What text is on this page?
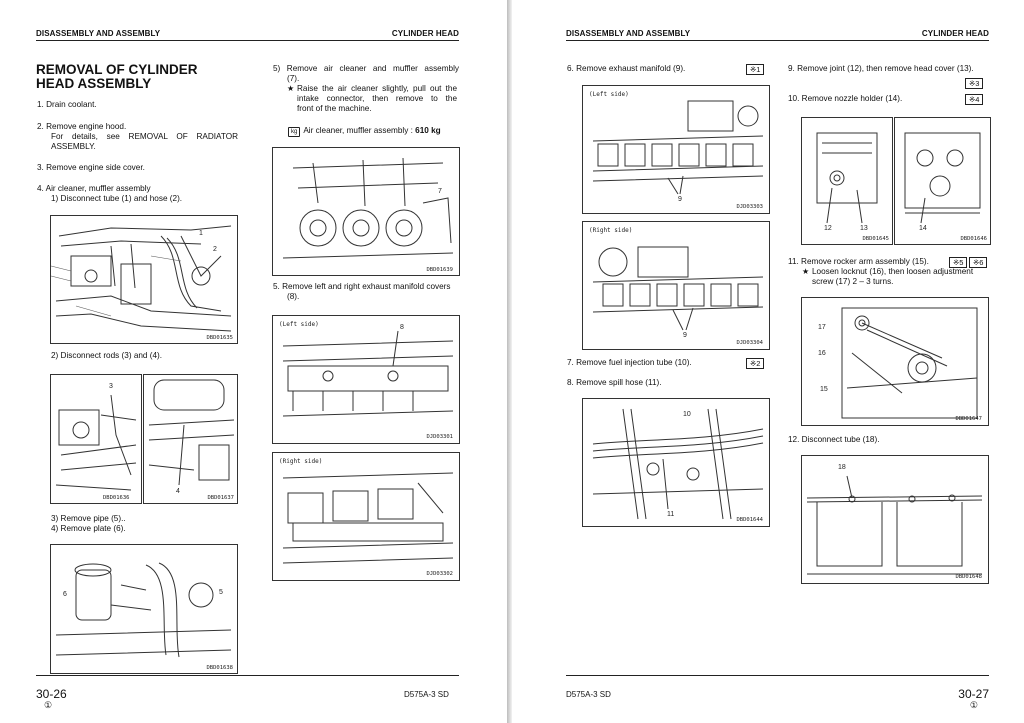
DISASSEMBLY AND ASSEMBLY	CYLINDER HEAD
REMOVAL OF CYLINDER
HEAD ASSEMBLY
1. Drain coolant.
2. Remove engine hood.
For details, see REMOVAL OF RADIATOR
ASSEMBLY.
3. Remove engine side cover.
4. Air cleaner, muffler assembly
1) Disconnect tube (1) and hose (2).
1
2
DBD01635
2) Disconnect rods (3) and (4).
3
DBD01636
4
DBD01637
3) Remove pipe (5)..
4) Remove plate (6).
6	5
DBD01638
5) Remove air cleaner and muffler assembly
(7).
★ Raise the air cleaner slightly, pull out the
intake connector, then remove to the
front of the machine.
kg Air cleaner, muffler assembly : 610 kg
7
DBD01639
5. Remove left and right exhaust manifold covers
(8).
(Left side)	8
DJD03301
(Right side)
DJD03302
30-26
①
D575A-3 SD
DISASSEMBLY AND ASSEMBLY	CYLINDER HEAD
6. Remove exhaust manifold (9).	※1
(Left side)
9
DJD03303
(Right side)
9
DJD03304
7. Remove fuel injection tube (10).	※2
8. Remove spill hose (11).
10
11
DBD01644
9. Remove joint (12), then remove head cover (13).
※3
10. Remove nozzle holder (14).	※4
12	13
DBD01645
14
DBD01646
11. Remove rocker arm assembly (15).	※5	※6
★ Loosen locknut (16), then loosen adjustment
screw (17) 2 – 3 turns.
17
16
15
DBD01647
12. Disconnect tube (18).
18
DBD01648
D575A-3 SD	30-27
①
